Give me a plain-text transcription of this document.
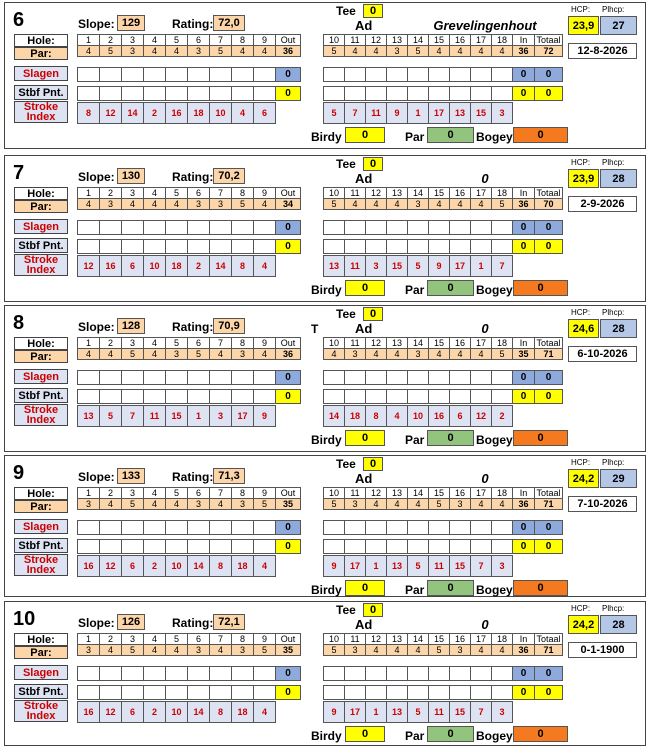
6	Slope: 129	Rating: 72,0
Tee	0
Ad	Grevelingenhout
HCP: Plhcp:
23,9	27
12-8-2026
Hole:
Par:
Slagen
Stbf Pnt.
Stroke
Index
1	2	3	4	5	6	7	8	9	Out
4	5	3	4	4	3	5	4	4	36
									0
									0
8	12	14	2	16	18	10	4	6
10	11	12	13	14	15	16	17	18	In	Totaal
5	4	4	3	5	4	4	4	4	36	72
									0	0
									0	0
5	7	11	9	1	17	13	15	3
Birdy	0	Par	0	Bogey	0
7	Slope: 130	Rating: 70,2
Tee	0
Ad	0
HCP: Plhcp:
23,9	28
2-9-2026
Hole:
Par:
Slagen
Stbf Pnt.
Stroke
Index
1	2	3	4	5	6	7	8	9	Out
4	3	4	4	4	3	3	5	4	34
									0
									0
12	16	6	10	18	2	14	8	4
10	11	12	13	14	15	16	17	18	In	Totaal
5	4	4	4	3	4	4	4	5	36	70
									0	0
									0	0
13	11	3	15	5	9	17	1	7
Birdy	0	Par	0	Bogey	0
8	Slope: 128	Rating: 70,9
Tee	0
T	Ad	0
HCP: Plhcp:
24,6	28
6-10-2026
Hole:
Par:
Slagen
Stbf Pnt.
Stroke
Index
1	2	3	4	5	6	7	8	9	Out
4	4	5	4	3	5	4	3	4	36
									0
									0
13	5	7	11	15	1	3	17	9
10	11	12	13	14	15	16	17	18	In	Totaal
4	3	4	4	3	4	4	4	5	35	71
									0	0
									0	0
14	18	8	4	10	16	6	12	2
Birdy	0	Par	0	Bogey	0
9	Slope: 133	Rating: 71,3
Tee	0
Ad	0
HCP: Plhcp:
24,2	29
7-10-2026
Hole:
Par:
Slagen
Stbf Pnt.
Stroke
Index
1	2	3	4	5	6	7	8	9	Out
3	4	5	4	4	3	4	3	5	35
									0
									0
16	12	6	2	10	14	8	18	4
10	11	12	13	14	15	16	17	18	In	Totaal
5	3	4	4	4	5	3	4	4	36	71
									0	0
									0	0
9	17	1	13	5	11	15	7	3
Birdy	0	Par	0	Bogey	0
10	Slope: 126	Rating: 72,1
Tee	0
Ad	0
HCP: Plhcp:
24,2	28
0-1-1900
Hole:
Par:
Slagen
Stbf Pnt.
Stroke
Index
1	2	3	4	5	6	7	8	9	Out
3	4	5	4	4	3	4	3	5	35
									0
									0
16	12	6	2	10	14	8	18	4
10	11	12	13	14	15	16	17	18	In	Totaal
5	3	4	4	4	5	3	4	4	36	71
									0	0
									0	0
9	17	1	13	5	11	15	7	3
Birdy	0	Par	0	Bogey	0
